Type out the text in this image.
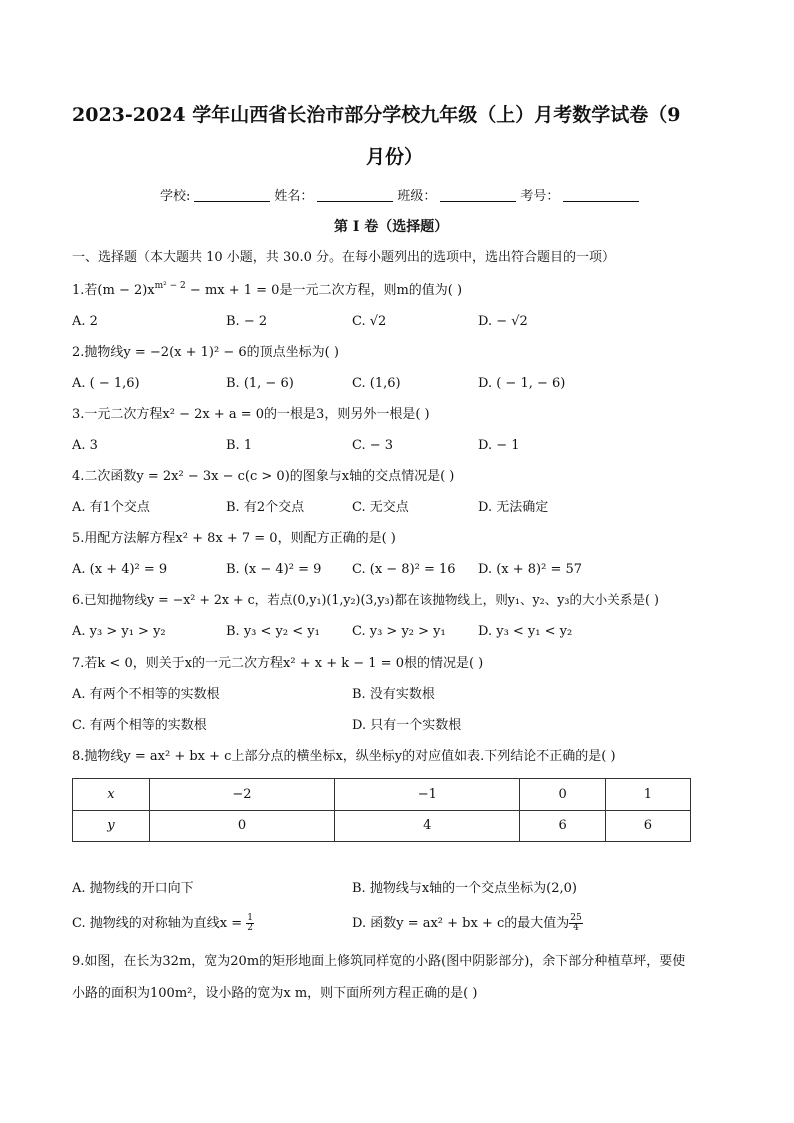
2023-2024 学年山西省长治市部分学校九年级（上）月考数学试卷（9
月份）
学校:	姓名：	班级：	考号：
第 I 卷（选择题）
一、选择题（本大题共 10 小题，共 30.0 分。在每小题列出的选项中，选出符合题目的一项）
1.若$(m - 2)x^{m^2 - 2}$ − mx + 1 = 0是一元二次方程，则m的值为( )
A. 2	B. − 2	C. √2	D. − √2
2.抛物线y = −2(x + 1)² − 6的顶点坐标为( )
A. ( − 1,6)	B. (1, − 6)	C. (1,6)	D. ( − 1, − 6)
3.一元二次方程x² − 2x + a = 0的一根是3，则另外一根是( )
A. 3	B. 1	C. − 3	D. − 1
4.二次函数y = 2x² − 3x − c(c > 0)的图象与x轴的交点情况是( )
A. 有1个交点	B. 有2个交点	C. 无交点	D. 无法确定
5.用配方法解方程x² + 8x + 7 = 0，则配方正确的是( )
A. (x + 4)² = 9	B. (x − 4)² = 9 C. (x − 8)² = 16 D. (x + 8)² = 57
6.已知抛物线y = −x² + 2x + c，若点(0,y₁)(1,y₂)(3,y₃)都在该抛物线上，则y₁、y₂、y₃的大小关系是( )
A. y₃ > y₁ > y₂	B. y₃ < y₂ < y₁ C. y₃ > y₂ > y₁ D. y₃ < y₁ < y₂
7.若k < 0，则关于x的一元二次方程x² + x + k − 1 = 0根的情况是( )
A. 有两个不相等的实数根	B. 没有实数根
C. 有两个相等的实数根	D. 只有一个实数根
8.抛物线y = ax² + bx + c上部分点的横坐标x，纵坐标y的对应值如表.下列结论不正确的是( )
x	−2	−1	0	1
y	0	4	6	6
A. 抛物线的开口向下	B. 抛物线与x轴的一个交点坐标为(2,0)
C. 抛物线的对称轴为直线$x = \frac{1}{2}$	D. 函数y = ax² + bx + c的最大值为 $\frac{25}{4}$
9.如图，在长为32m，宽为20m的矩形地面上修筑同样宽的小路(图中阴影部分)，余下部分种植草坪，要使
小路的面积为100m²，设小路的宽为x m，则下面所列方程正确的是( )
